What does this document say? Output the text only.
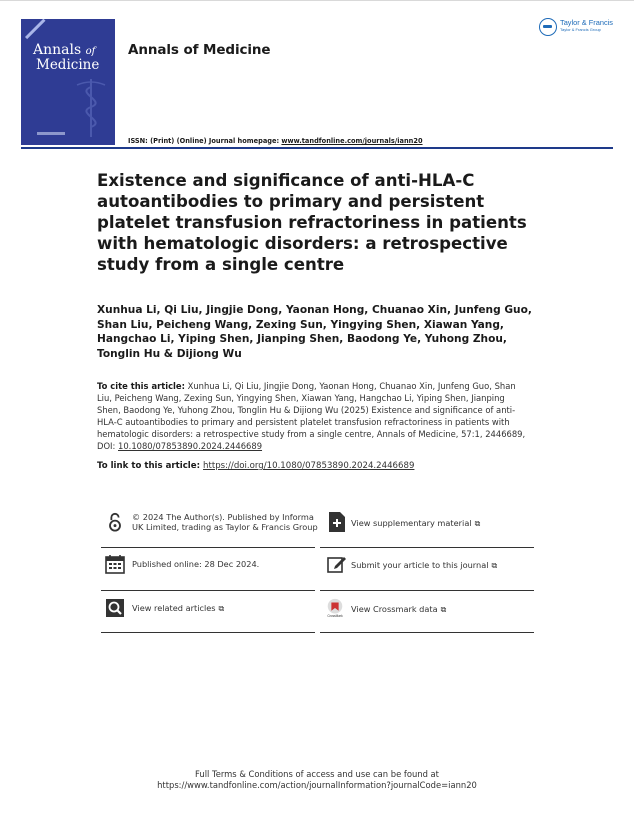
Annals of
Medicine
Annals of Medicine
Taylor & Francis
Taylor & Francis Group
ISSN: (Print) (Online) Journal homepage: www.tandfonline.com/journals/iann20
Existence and significance of anti-HLA-C autoantibodies to primary and persistent platelet transfusion refractoriness in patients with hematologic disorders: a retrospective study from a single centre
Xunhua Li, Qi Liu, Jingjie Dong, Yaonan Hong, Chuanao Xin, Junfeng Guo, Shan Liu, Peicheng Wang, Zexing Sun, Yingying Shen, Xiawan Yang, Hangchao Li, Yiping Shen, Jianping Shen, Baodong Ye, Yuhong Zhou, Tonglin Hu & Dijiong Wu
To cite this article: Xunhua Li, Qi Liu, Jingjie Dong, Yaonan Hong, Chuanao Xin, Junfeng Guo, Shan Liu, Peicheng Wang, Zexing Sun, Yingying Shen, Xiawan Yang, Hangchao Li, Yiping Shen, Jianping Shen, Baodong Ye, Yuhong Zhou, Tonglin Hu & Dijiong Wu (2025) Existence and significance of anti-HLA-C autoantibodies to primary and persistent platelet transfusion refractoriness in patients with hematologic disorders: a retrospective study from a single centre, Annals of Medicine, 57:1, 2446689, DOI: 10.1080/07853890.2024.2446689
To link to this article: https://doi.org/10.1080/07853890.2024.2446689
© 2024 The Author(s). Published by Informa UK Limited, trading as Taylor & Francis Group
Published online: 28 Dec 2024.
View related articles ⧉
View supplementary material ⧉
Submit your article to this journal ⧉
CrossMark
View Crossmark data ⧉
Full Terms & Conditions of access and use can be found at
https://www.tandfonline.com/action/journalInformation?journalCode=iann20
